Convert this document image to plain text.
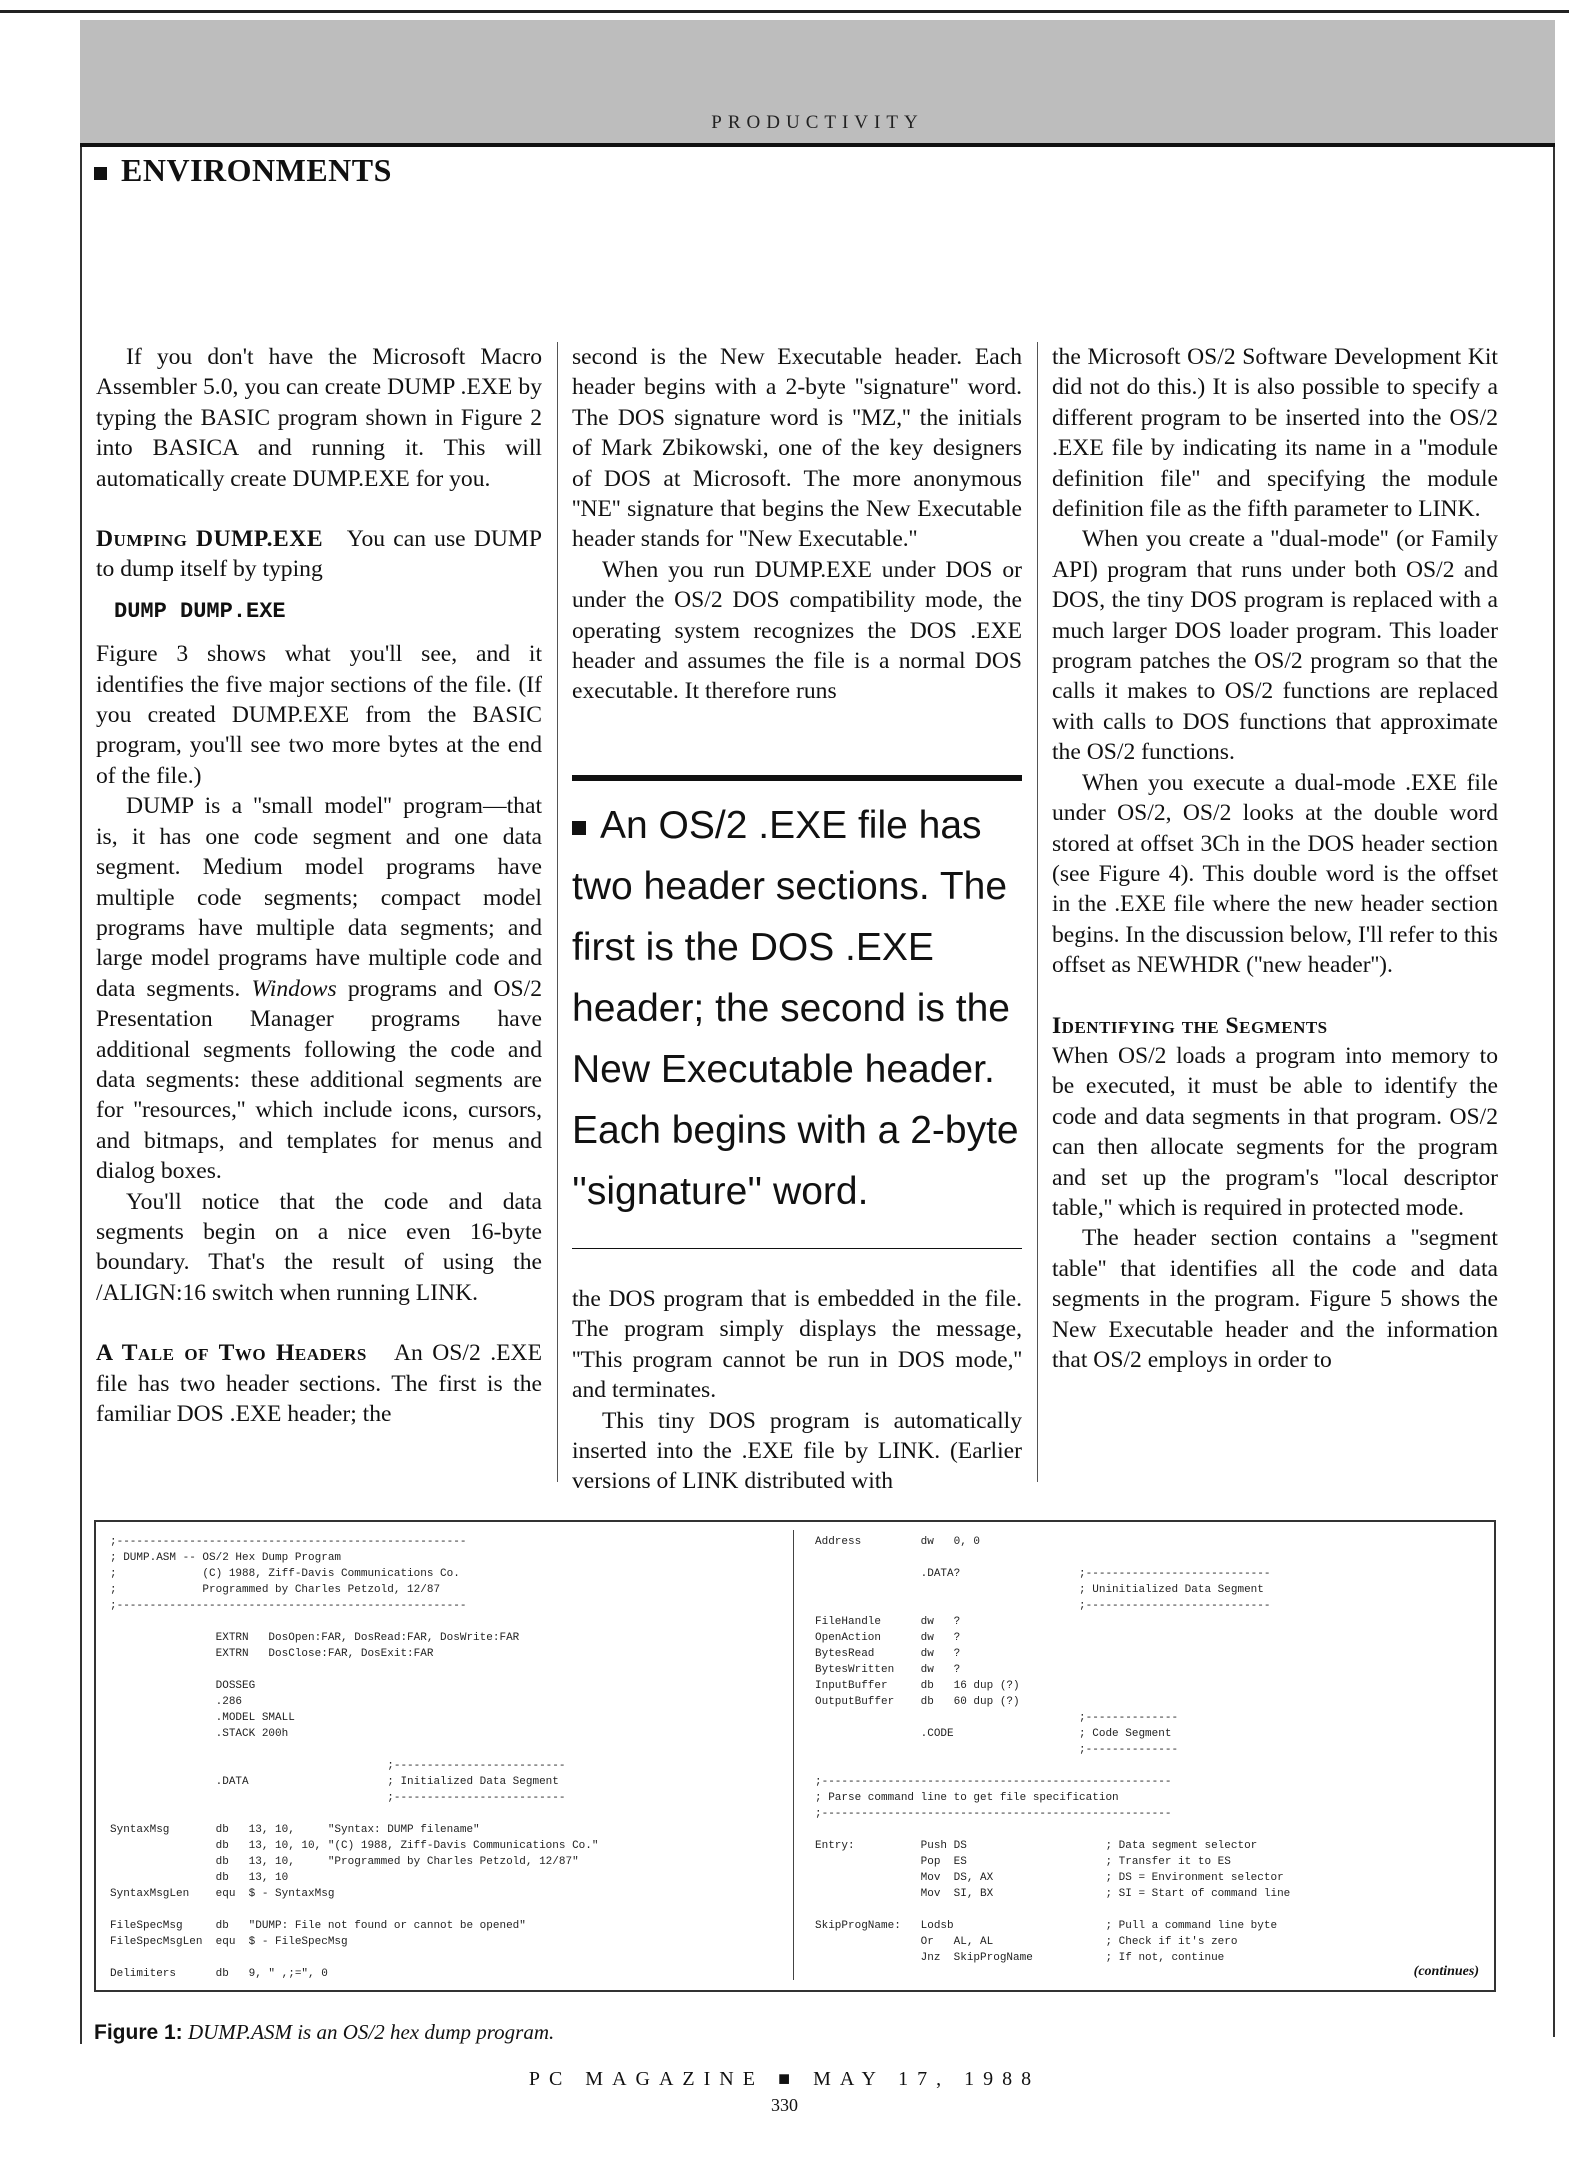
PRODUCTIVITY
ENVIRONMENTS

If you don't have the Microsoft Macro Assembler 5.0, you can create DUMP .EXE by typing the BASIC program shown in Figure 2 into BASICA and running it. This will automatically create DUMP.EXE for you.

Dumping DUMP.EXE You can use DUMP to dump itself by typing

DUMP DUMP.EXE

Figure 3 shows what you'll see, and it identifies the five major sections of the file. (If you created DUMP.EXE from the BASIC program, you'll see two more bytes at the end of the file.)

DUMP is a ''small model'' program—that is, it has one code segment and one data segment. Medium model programs have multiple code segments; compact model programs have multiple data segments; and large model programs have multiple code and data segments. Windows programs and OS/2 Presentation Manager programs have additional segments following the code and data segments: these additional segments are for ''resources,'' which include icons, cursors, and bitmaps, and templates for menus and dialog boxes.

You'll notice that the code and data segments begin on a nice even 16-byte boundary. That's the result of using the /ALIGN:16 switch when running LINK.

A Tale of Two Headers An OS/2 .EXE file has two header sections. The first is the familiar DOS .EXE header; the

second is the New Executable header. Each header begins with a 2-byte ''signature'' word. The DOS signature word is ''MZ,'' the initials of Mark Zbikowski, one of the key designers of DOS at Microsoft. The more anonymous ''NE'' signature that begins the New Executable header stands for ''New Executable.''

When you run DUMP.EXE under DOS or under the OS/2 DOS compatibility mode, the operating system recognizes the DOS .EXE header and assumes the file is a normal DOS executable. It therefore runs

An OS/2 .EXE file has two header sections. The first is the DOS .EXE header; the second is the New Executable header. Each begins with a 2-byte ''signature'' word.

the DOS program that is embedded in the file. The program simply displays the message, ''This program cannot be run in DOS mode,'' and terminates.

This tiny DOS program is automatically inserted into the .EXE file by LINK. (Earlier versions of LINK distributed with

the Microsoft OS/2 Software Development Kit did not do this.) It is also possible to specify a different program to be inserted into the OS/2 .EXE file by indicating its name in a ''module definition file'' and specifying the module definition file as the fifth parameter to LINK.

When you create a ''dual-mode'' (or Family API) program that runs under both OS/2 and DOS, the tiny DOS program is replaced with a much larger DOS loader program. This loader program patches the OS/2 program so that the calls it makes to OS/2 functions are replaced with calls to DOS functions that approximate the OS/2 functions.

When you execute a dual-mode .EXE file under OS/2, OS/2 looks at the double word stored at offset 3Ch in the DOS header section (see Figure 4). This double word is the offset in the .EXE file where the new header section begins. In the discussion below, I'll refer to this offset as NEWHDR (''new header'').

Identifying the Segments

When OS/2 loads a program into memory to be executed, it must be able to identify the code and data segments in that program. OS/2 can then allocate segments for the program and set up the program's ''local descriptor table,'' which is required in protected mode.

The header section contains a ''segment table'' that identifies all the code and data segments in the program. Figure 5 shows the New Executable header and the information that OS/2 employs in order to

;-----------------------------------------------------
; DUMP.ASM -- OS/2 Hex Dump Program
;             (C) 1988, Ziff-Davis Communications Co.
;             Programmed by Charles Petzold, 12/87
;-----------------------------------------------------

EXTRN   DosOpen:FAR, DosRead:FAR, DosWrite:FAR
EXTRN   DosClose:FAR, DosExit:FAR

DOSSEG
.286
.MODEL SMALL
.STACK 200h

;--------------------------
.DATA                     ; Initialized Data Segment
;--------------------------

SyntaxMsg       db   13, 10,     "Syntax: DUMP filename"
db   13, 10, 10, "(C) 1988, Ziff-Davis Communications Co."
db   13, 10,     "Programmed by Charles Petzold, 12/87"
db   13, 10
SyntaxMsgLen    equ  $ - SyntaxMsg

FileSpecMsg     db   "DUMP: File not found or cannot be opened"
FileSpecMsgLen  equ  $ - FileSpecMsg

Delimiters      db   9, " ,;=", 0
Address         dw   0, 0

.DATA?                  ;----------------------------
; Uninitialized Data Segment
;----------------------------
FileHandle      dw   ?
OpenAction      dw   ?
BytesRead       dw   ?
BytesWritten    dw   ?
InputBuffer     db   16 dup (?)
OutputBuffer    db   60 dup (?)
;--------------
.CODE                   ; Code Segment
;--------------

;-----------------------------------------------------
; Parse command line to get file specification
;-----------------------------------------------------

Entry:          Push DS                     ; Data segment selector
Pop  ES                     ; Transfer it to ES
Mov  DS, AX                 ; DS = Environment selector
Mov  SI, BX                 ; SI = Start of command line

SkipProgName:   Lodsb                       ; Pull a command line byte
Or   AL, AL                 ; Check if it's zero
Jnz  SkipProgName           ; If not, continue
(continues)
Figure 1: DUMP.ASM is an OS/2 hex dump program.
PC MAGAZINE ■ MAY 17, 1988
330
